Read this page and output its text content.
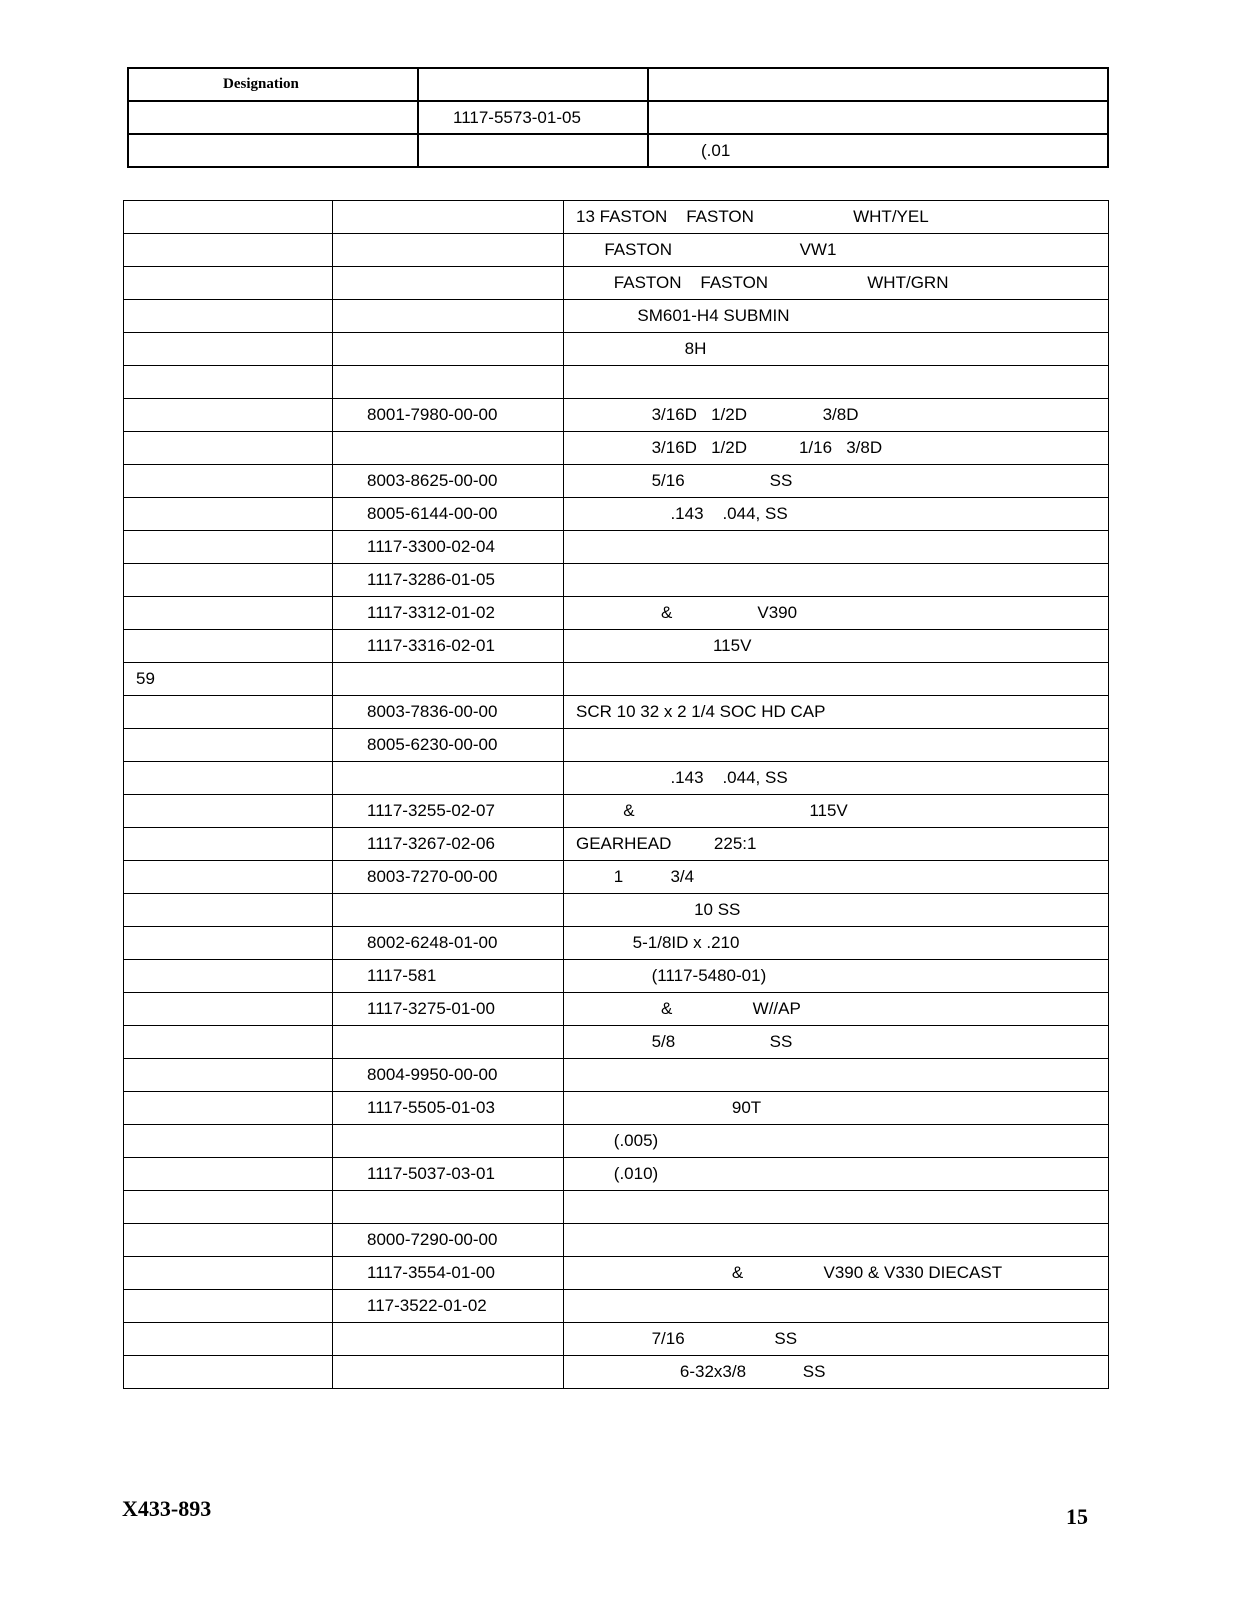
Designation		
	1117-5573-01-05	
		(.01
		13 FASTON    FASTON                     WHT/YEL
		FASTON                           VW1
		FASTON    FASTON                     WHT/GRN
		SM601-H4 SUBMIN
		8H

	8001-7980-00-00	3/16D   1/2D                3/8D
		3/16D   1/2D           1/16   3/8D
	8003-8625-00-00	5/16                  SS
	8005-6144-00-00	.143    .044, SS
	1117-3300-02-04	
	1117-3286-01-05	
	1117-3312-01-02	&                  V390
	1117-3316-02-01	115V
59		
	8003-7836-00-00	SCR 10 32 x 2 1/4 SOC HD CAP
	8005-6230-00-00	
		.143    .044, SS
	1117-3255-02-07	&                                     115V
	1117-3267-02-06	GEARHEAD         225:1
	8003-7270-00-00	1          3/4
		10 SS
	8002-6248-01-00	5-1/8ID x .210
	1117-581	(1117-5480-01)
	1117-3275-01-00	&                 W//AP
		5/8                    SS
	8004-9950-00-00	
	1117-5505-01-03	90T
		(.005)
	1117-5037-03-01	(.010)

	8000-7290-00-00	
	1117-3554-01-00	&                 V390 & V330 DIECAST
	117-3522-01-02	
		7/16                   SS
		6-32x3/8            SS
X433-893	15
